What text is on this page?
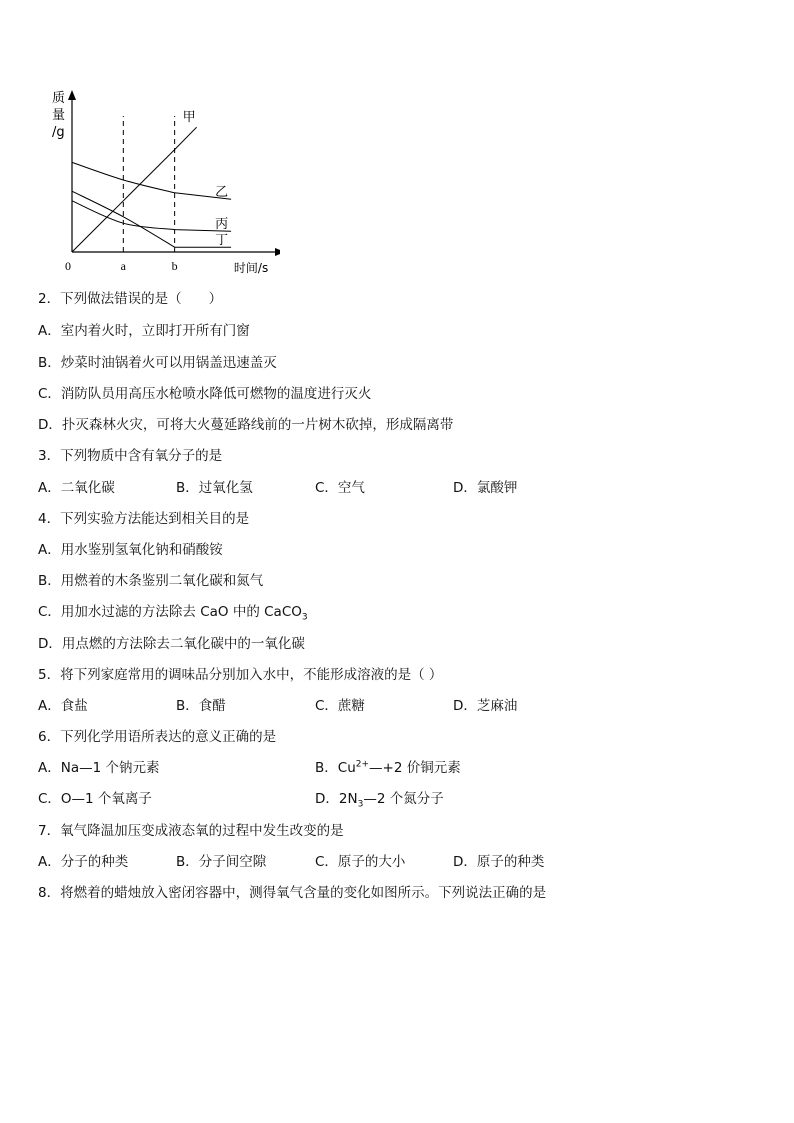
质
量
/g
时间/s
0	a	b
甲
乙
丙
丁
2．下列做法错误的是（　　）
A．室内着火时，立即打开所有门窗
B．炒菜时油锅着火可以用锅盖迅速盖灭
C．消防队员用高压水枪喷水降低可燃物的温度进行灭火
D．扑灭森林火灾，可将大火蔓延路线前的一片树木砍掉，形成隔离带
3．下列物质中含有氧分子的是
A．二氧化碳	B．过氧化氢	C．空气	D．氯酸钾
4．下列实验方法能达到相关目的是
A．用水鉴别氢氧化钠和硝酸铵
B．用燃着的木条鉴别二氧化碳和氮气
C．用加水过滤的方法除去 CaO 中的 CaCO$_3$
D．用点燃的方法除去二氧化碳中的一氧化碳
5．将下列家庭常用的调味品分别加入水中，不能形成溶液的是（ ）
A．食盐	B．食醋	C．蔗糖	D．芝麻油
6．下列化学用语所表达的意义正确的是
A．Na—1 个钠元素	B．$Cu^{2+}—+2$ 价铜元素
C．O—1 个氧离子	D．$2N_3—2$ 个氮分子
7．氧气降温加压变成液态氧的过程中发生改变的是
A．分子的种类	B．分子间空隙	C．原子的大小	D．原子的种类
8．将燃着的蜡烛放入密闭容器中，测得氧气含量的变化如图所示。下列说法正确的是
